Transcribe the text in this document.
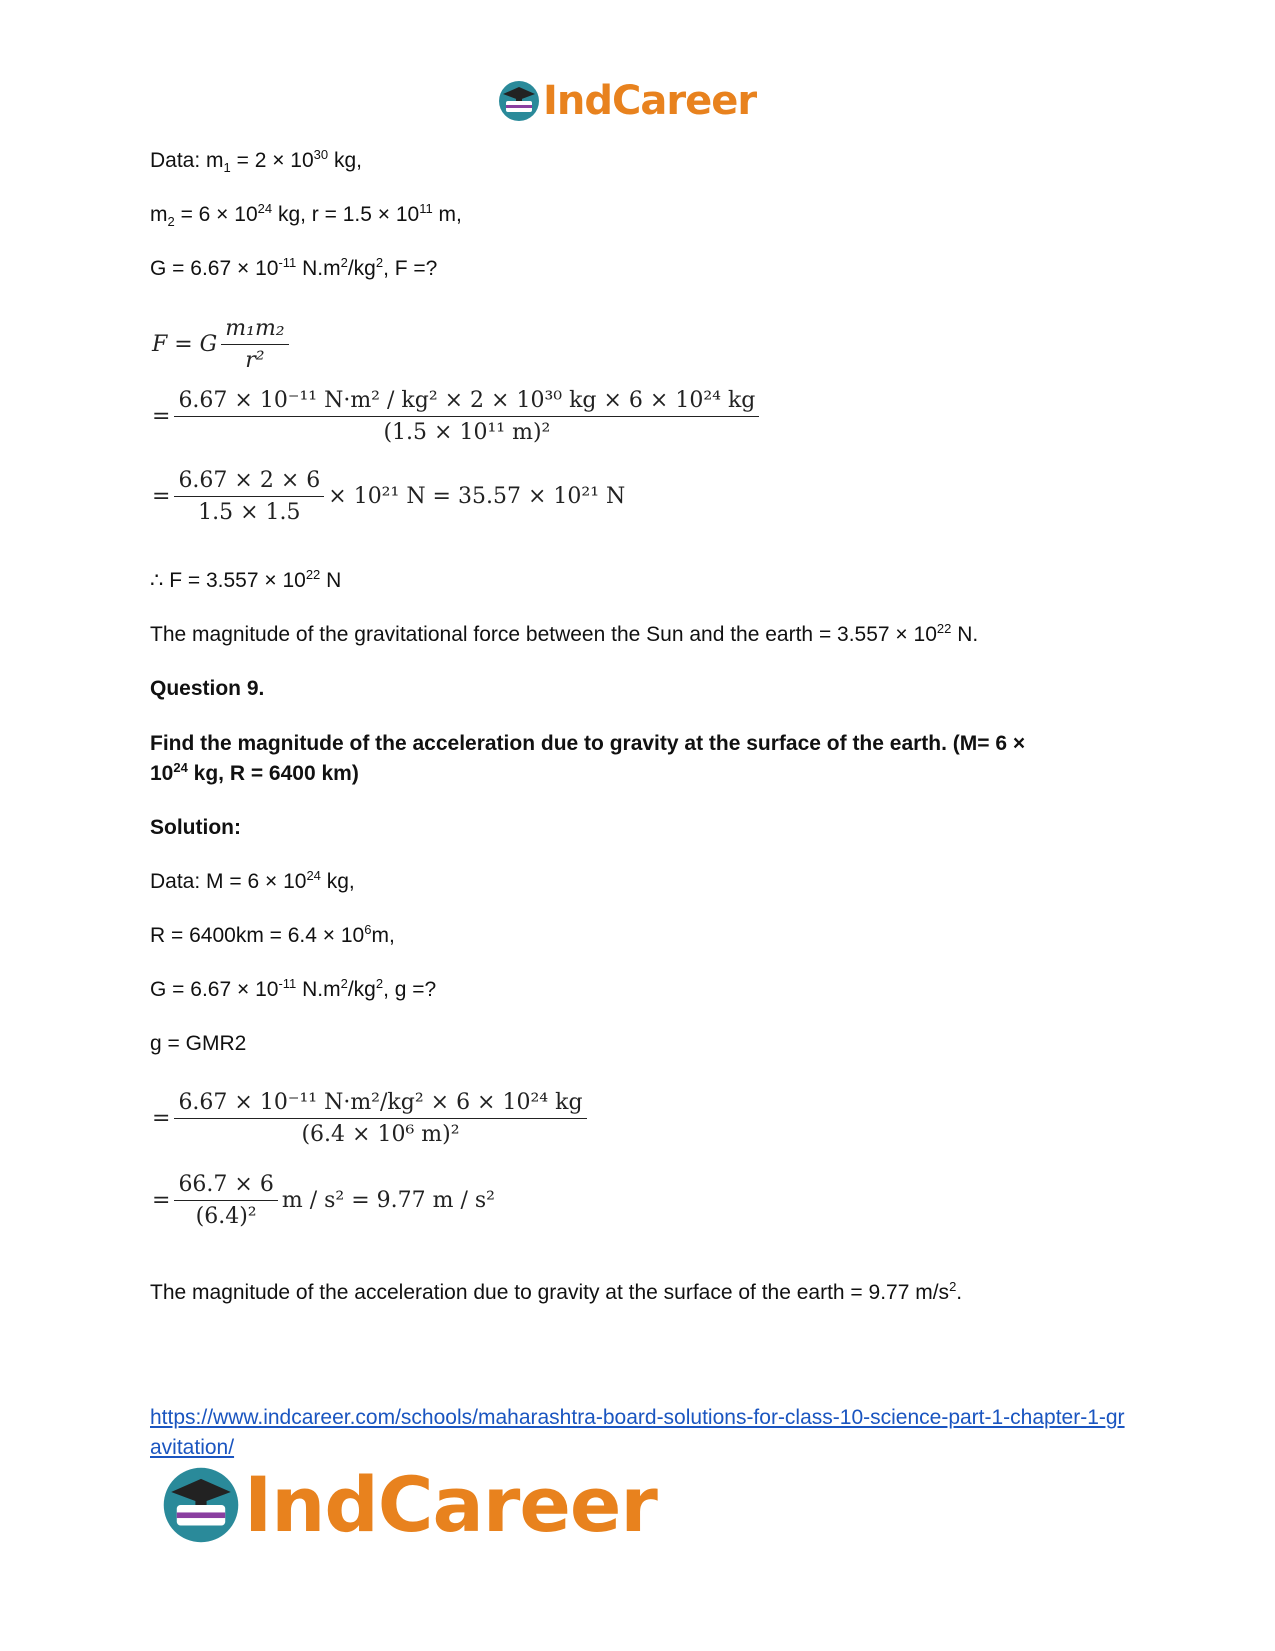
IndCareer
Data: $m_1 = 2 \times 10^{30}$ kg,
$m_2 = 6 \times 10^{24}$ kg, $r = 1.5 \times 10^{11}$ m,
$G = 6.67 \times 10^{-11}$ $N.m^2/kg^2$, F =?
F = G $\frac{\text{m₁m₂}}{\text{r²}}$
= $\frac{\text{6.67 × 10⁻¹¹ N·m² / kg² × 2 × 10³⁰ kg × 6 × 10²⁴ kg}}{\text{(1.5 × 10¹¹ m)²}}$
= $\frac{6.67 \times 2 \times 6}{1.5 \times 1.5} \times 10^{21}$ N = 35.57 × 10²¹ N
∴ $F = 3.557 \times 10^{22}$ N
The magnitude of the gravitational force between the Sun and the earth = $3.557 \times 10^{22}$ N.
Question 9.
Find the magnitude of the acceleration due to gravity at the surface of the earth. (M= 6 ×
$10^{24}$ kg, R = 6400 km)
Solution:
Data: $M = 6 \times 10^{24}$ kg,
$R = 6400km = 6.4 \times 10^6m$,
$G = 6.67 \times 10^{-11}$ $N.m^2/kg^2$, g =?
g = GMR2
= $\frac{\text{6.67 × 10⁻¹¹ N·m²/kg² × 6 × 10²⁴ kg}}{\text{(6.4 × 10⁶ m)²}}$
= $\frac{66.7 \times 6}{\text{(6.4)²}}$ m / s² = 9.77 m / s²
The magnitude of the acceleration due to gravity at the surface of the earth = 9.77 $m/s^2$.
https://www.indcareer.com/schools/maharashtra-board-solutions-for-class-10-science-part-1-chapter-1-gravitation/
IndCareer
